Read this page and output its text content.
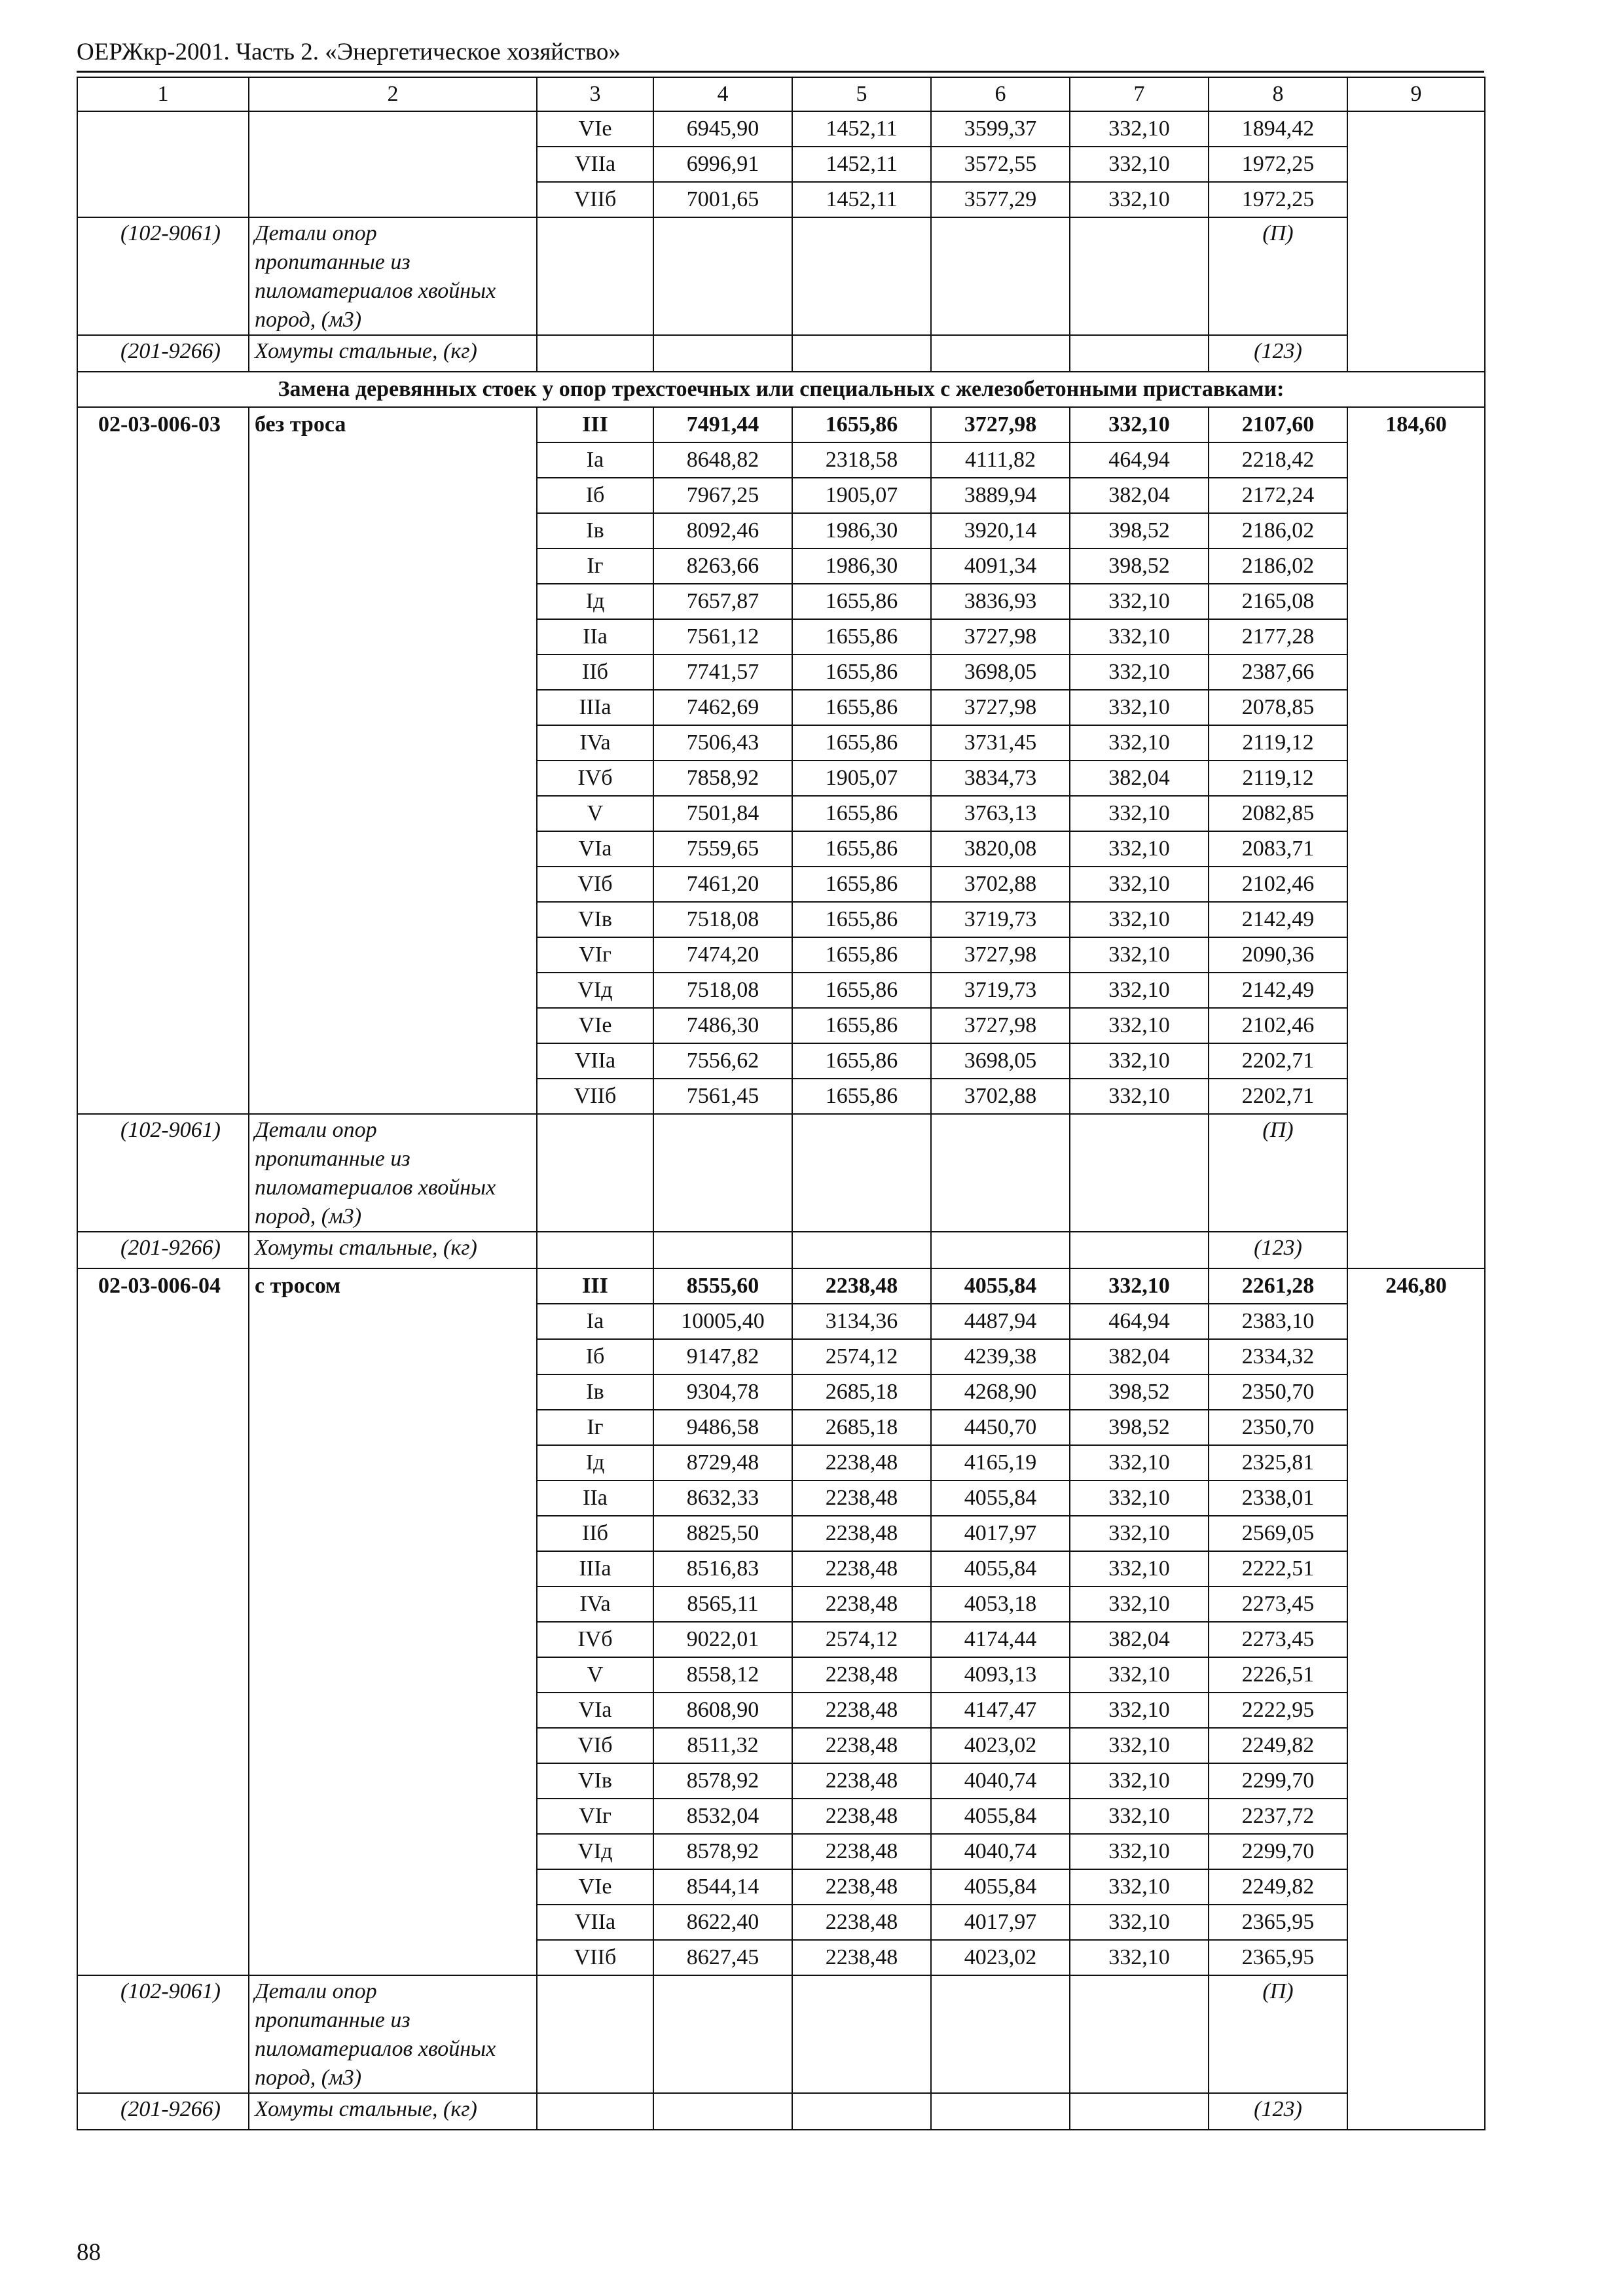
ОЕРЖкр-2001. Часть 2. «Энергетическое хозяйство»
1	2	3	4	5	6	7	8	9
		VIe	6945,90	1452,11	3599,37	332,10	1894,42	
		VIIa	6996,91	1452,11	3572,55	332,10	1972,25	
		VIIб	7001,65	1452,11	3577,29	332,10	1972,25	
(102-9061)	Детали опор
пропитанные из
пиломатериалов хвойных
пород, (м3)						(П)	
(201-9266)	Хомуты стальные, (кг)						(123)	
Замена деревянных стоек у опор трехстоечных или специальных с железобетонными приставками:								
02-03-006-03	без троса	III	7491,44	1655,86	3727,98	332,10	2107,60	184,60
		Ia	8648,82	2318,58	4111,82	464,94	2218,42	
		Iб	7967,25	1905,07	3889,94	382,04	2172,24	
		Iв	8092,46	1986,30	3920,14	398,52	2186,02	
		Iг	8263,66	1986,30	4091,34	398,52	2186,02	
		Iд	7657,87	1655,86	3836,93	332,10	2165,08	
		IIa	7561,12	1655,86	3727,98	332,10	2177,28	
		IIб	7741,57	1655,86	3698,05	332,10	2387,66	
		IIIa	7462,69	1655,86	3727,98	332,10	2078,85	
		IVa	7506,43	1655,86	3731,45	332,10	2119,12	
		IVб	7858,92	1905,07	3834,73	382,04	2119,12	
		V	7501,84	1655,86	3763,13	332,10	2082,85	
		VIa	7559,65	1655,86	3820,08	332,10	2083,71	
		VIб	7461,20	1655,86	3702,88	332,10	2102,46	
		VIв	7518,08	1655,86	3719,73	332,10	2142,49	
		VIг	7474,20	1655,86	3727,98	332,10	2090,36	
		VIд	7518,08	1655,86	3719,73	332,10	2142,49	
		VIe	7486,30	1655,86	3727,98	332,10	2102,46	
		VIIa	7556,62	1655,86	3698,05	332,10	2202,71	
		VIIб	7561,45	1655,86	3702,88	332,10	2202,71	
(102-9061)	Детали опор
пропитанные из
пиломатериалов хвойных
пород, (м3)						(П)	
(201-9266)	Хомуты стальные, (кг)						(123)	
02-03-006-04	с тросом	III	8555,60	2238,48	4055,84	332,10	2261,28	246,80
		Ia	10005,40	3134,36	4487,94	464,94	2383,10	
		Iб	9147,82	2574,12	4239,38	382,04	2334,32	
		Iв	9304,78	2685,18	4268,90	398,52	2350,70	
		Iг	9486,58	2685,18	4450,70	398,52	2350,70	
		Iд	8729,48	2238,48	4165,19	332,10	2325,81	
		IIa	8632,33	2238,48	4055,84	332,10	2338,01	
		IIб	8825,50	2238,48	4017,97	332,10	2569,05	
		IIIa	8516,83	2238,48	4055,84	332,10	2222,51	
		IVa	8565,11	2238,48	4053,18	332,10	2273,45	
		IVб	9022,01	2574,12	4174,44	382,04	2273,45	
		V	8558,12	2238,48	4093,13	332,10	2226,51	
		VIa	8608,90	2238,48	4147,47	332,10	2222,95	
		VIб	8511,32	2238,48	4023,02	332,10	2249,82	
		VIв	8578,92	2238,48	4040,74	332,10	2299,70	
		VIг	8532,04	2238,48	4055,84	332,10	2237,72	
		VIд	8578,92	2238,48	4040,74	332,10	2299,70	
		VIe	8544,14	2238,48	4055,84	332,10	2249,82	
		VIIa	8622,40	2238,48	4017,97	332,10	2365,95	
		VIIб	8627,45	2238,48	4023,02	332,10	2365,95	
(102-9061)	Детали опор
пропитанные из
пиломатериалов хвойных
пород, (м3)						(П)	
(201-9266)	Хомуты стальные, (кг)						(123)	
88
